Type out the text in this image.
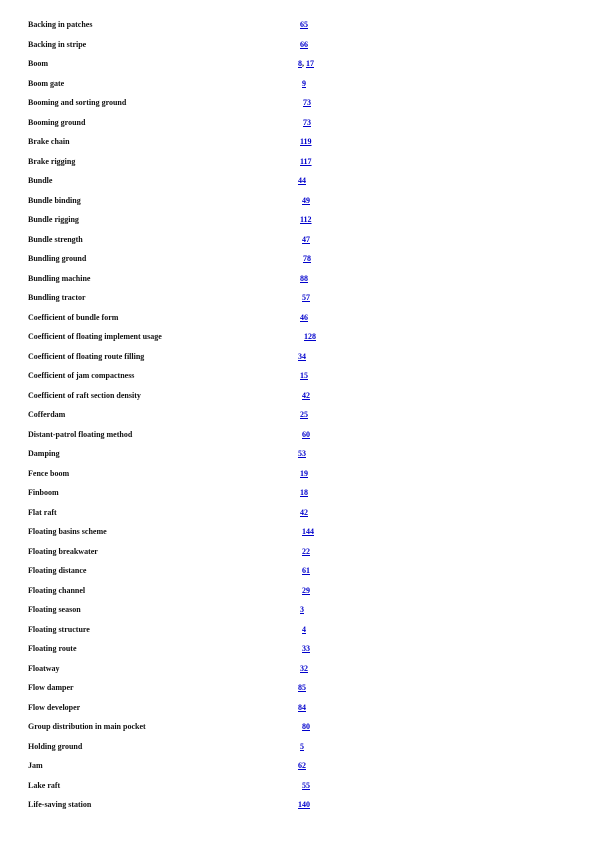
Backing in patches	65
Backing in stripe	66
Boom	8, 17
Boom gate	9
Booming and sorting ground	73
Booming ground	73
Brake chain	119
Brake rigging	117
Bundle	44
Bundle binding	49
Bundle rigging	112
Bundle strength	47
Bundling ground	78
Bundling machine	88
Bundling tractor	57
Coefficient of bundle form	46
Coefficient of floating implement usage	128
Coefficient of floating route filling	34
Coefficient of jam compactness	15
Coefficient of raft section density	42
Cofferdam	25
Distant-patrol floating method	60
Damping	53
Fence boom	19
Finboom	18
Flat raft	42
Floating basins scheme	144
Floating breakwater	22
Floating distance	61
Floating channel	29
Floating season	3
Floating structure	4
Floating route	33
Floatway	32
Flow damper	85
Flow developer	84
Group distribution in main pocket	80
Holding ground	5
Jam	62
Lake raft	55
Life-saving station	140
